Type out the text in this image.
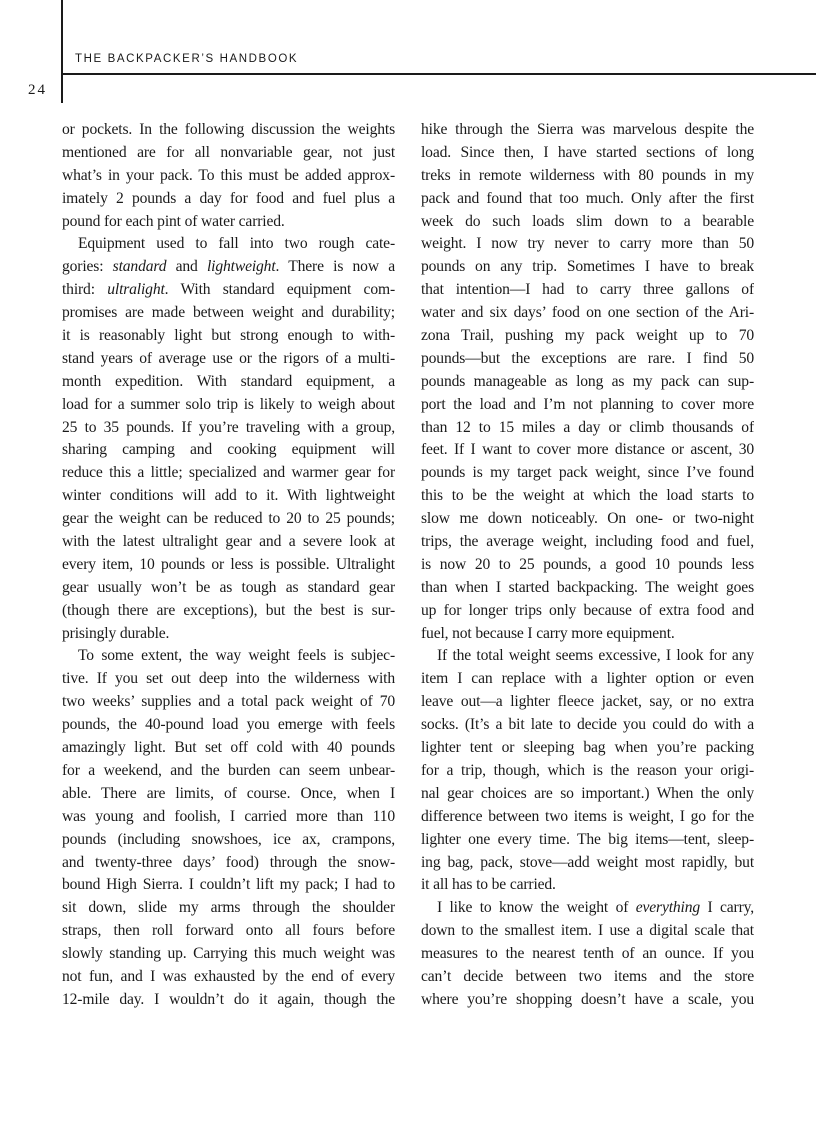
THE BACKPACKER’S HANDBOOK
24
or pockets. In the following discussion the weights
mentioned are for all nonvariable gear, not just
what’s in your pack. To this must be added approx-
imately 2 pounds a day for food and fuel plus a
pound for each pint of water carried.
Equipment used to fall into two rough cate-
gories: standard and lightweight. There is now a
third: ultralight. With standard equipment com-
promises are made between weight and durability;
it is reasonably light but strong enough to with-
stand years of average use or the rigors of a multi-
month expedition. With standard equipment, a
load for a summer solo trip is likely to weigh about
25 to 35 pounds. If you’re traveling with a group,
sharing camping and cooking equipment will
reduce this a little; specialized and warmer gear for
winter conditions will add to it. With lightweight
gear the weight can be reduced to 20 to 25 pounds;
with the latest ultralight gear and a severe look at
every item, 10 pounds or less is possible. Ultralight
gear usually won’t be as tough as standard gear
(though there are exceptions), but the best is sur-
prisingly durable.
To some extent, the way weight feels is subjec-
tive. If you set out deep into the wilderness with
two weeks’ supplies and a total pack weight of 70
pounds, the 40-pound load you emerge with feels
amazingly light. But set off cold with 40 pounds
for a weekend, and the burden can seem unbear-
able. There are limits, of course. Once, when I
was young and foolish, I carried more than 110
pounds (including snowshoes, ice ax, crampons,
and twenty-three days’ food) through the snow-
bound High Sierra. I couldn’t lift my pack; I had to
sit down, slide my arms through the shoulder
straps, then roll forward onto all fours before
slowly standing up. Carrying this much weight was
not fun, and I was exhausted by the end of every
12-mile day. I wouldn’t do it again, though the
hike through the Sierra was marvelous despite the
load. Since then, I have started sections of long
treks in remote wilderness with 80 pounds in my
pack and found that too much. Only after the first
week do such loads slim down to a bearable
weight. I now try never to carry more than 50
pounds on any trip. Sometimes I have to break
that intention—I had to carry three gallons of
water and six days’ food on one section of the Ari-
zona Trail, pushing my pack weight up to 70
pounds—but the exceptions are rare. I find 50
pounds manageable as long as my pack can sup-
port the load and I’m not planning to cover more
than 12 to 15 miles a day or climb thousands of
feet. If I want to cover more distance or ascent, 30
pounds is my target pack weight, since I’ve found
this to be the weight at which the load starts to
slow me down noticeably. On one- or two-night
trips, the average weight, including food and fuel,
is now 20 to 25 pounds, a good 10 pounds less
than when I started backpacking. The weight goes
up for longer trips only because of extra food and
fuel, not because I carry more equipment.
If the total weight seems excessive, I look for any
item I can replace with a lighter option or even
leave out—a lighter fleece jacket, say, or no extra
socks. (It’s a bit late to decide you could do with a
lighter tent or sleeping bag when you’re packing
for a trip, though, which is the reason your origi-
nal gear choices are so important.) When the only
difference between two items is weight, I go for the
lighter one every time. The big items—tent, sleep-
ing bag, pack, stove—add weight most rapidly, but
it all has to be carried.
I like to know the weight of everything I carry,
down to the smallest item. I use a digital scale that
measures to the nearest tenth of an ounce. If you
can’t decide between two items and the store
where you’re shopping doesn’t have a scale, you
